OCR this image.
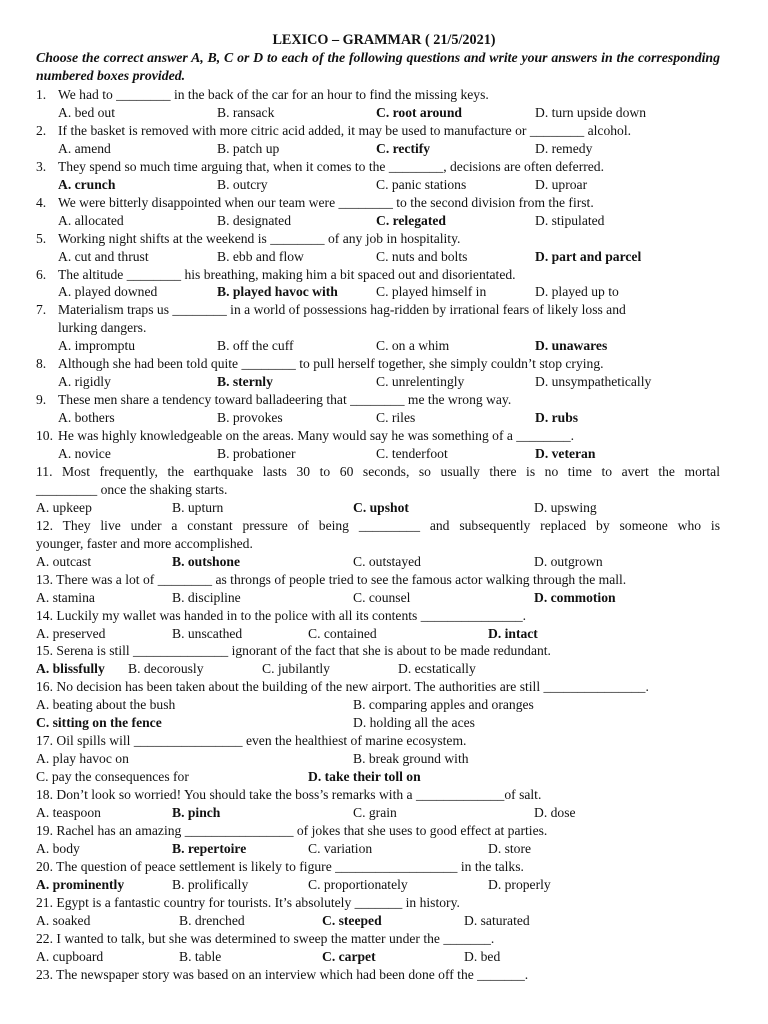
LEXICO – GRAMMAR ( 21/5/2021)

Choose the correct answer A, B, C or D to each of the following questions and write your answers in the corresponding numbered boxes provided.

1. We had to ________ in the back of the car for an hour to find the missing keys.
A. bed out	B. ransack	C. root around	D. turn upside down
2. If the basket is removed with more citric acid added, it may be used to manufacture or ________ alcohol.
A. amend	B. patch up	C. rectify	D. remedy
3. They spend so much time arguing that, when it comes to the ________, decisions are often deferred.
A. crunch	B. outcry	C. panic stations	D. uproar
4. We were bitterly disappointed when our team were ________ to the second division from the first.
A. allocated	B. designated	C. relegated	D. stipulated
5. Working night shifts at the weekend is ________ of any job in hospitality.
A. cut and thrust	B. ebb and flow	C. nuts and bolts	D. part and parcel
6. The altitude ________ his breathing, making him a bit spaced out and disorientated.
A. played downed	B. played havoc with	C. played himself in	D. played up to
7. Materialism traps us ________ in a world of possessions hag-ridden by irrational fears of likely loss and
lurking dangers.
A. impromptu	B. off the cuff	C. on a whim	D. unawares
8. Although she had been told quite ________ to pull herself together, she simply couldn’t stop crying.
A. rigidly	B. sternly	C. unrelentingly	D. unsympathetically
9. These men share a tendency toward balladeering that ________ me the wrong way.
A. bothers	B. provokes	C. riles	D. rubs
10. He was highly knowledgeable on the areas. Many would say he was something of a ________.
A. novice	B. probationer	C. tenderfoot	D. veteran
11. Most frequently, the earthquake lasts 30 to 60 seconds, so usually there is no time to avert the mortal
_________ once the shaking starts.
A. upkeep	B. upturn	C. upshot	D. upswing
12. They live under a constant pressure of being _________ and subsequently replaced by someone who is
younger, faster and more accomplished.
A. outcast	B. outshone	C. outstayed	D. outgrown
13. There was a lot of ________ as throngs of people tried to see the famous actor walking through the mall.
A. stamina	B. discipline	C. counsel	D. commotion
14. Luckily my wallet was handed in to the police with all its contents _______________.
A. preserved	B. unscathed	C. contained	D. intact
15. Serena is still ______________ ignorant of the fact that she is about to be made redundant.
A. blissfully B. decorously	C. jubilantly	D. ecstatically
16. No decision has been taken about the building of the new airport. The authorities are still _______________.
A. beating about the bush	B. comparing apples and oranges
C. sitting on the fence	D. holding all the aces
17. Oil spills will ________________ even the healthiest of marine ecosystem.
A. play havoc on	B. break ground with
C. pay the consequences for	D. take their toll on
18. Don’t look so worried! You should take the boss’s remarks with a _____________of salt.
A. teaspoon	B. pinch	C. grain	D. dose
19. Rachel has an amazing ________________ of jokes that she uses to good effect at parties.
A. body	B. repertoire	C. variation	D. store
20. The question of peace settlement is likely to figure __________________ in the talks.
A. prominently	B. prolifically	C. proportionately	D. properly
21. Egypt is a fantastic country for tourists. It’s absolutely _______ in history.
A. soaked	B. drenched	C. steeped	D. saturated
22. I wanted to talk, but she was determined to sweep the matter under the _______.
A. cupboard	B. table	C. carpet	D. bed
23. The newspaper story was based on an interview which had been done off the _______.
